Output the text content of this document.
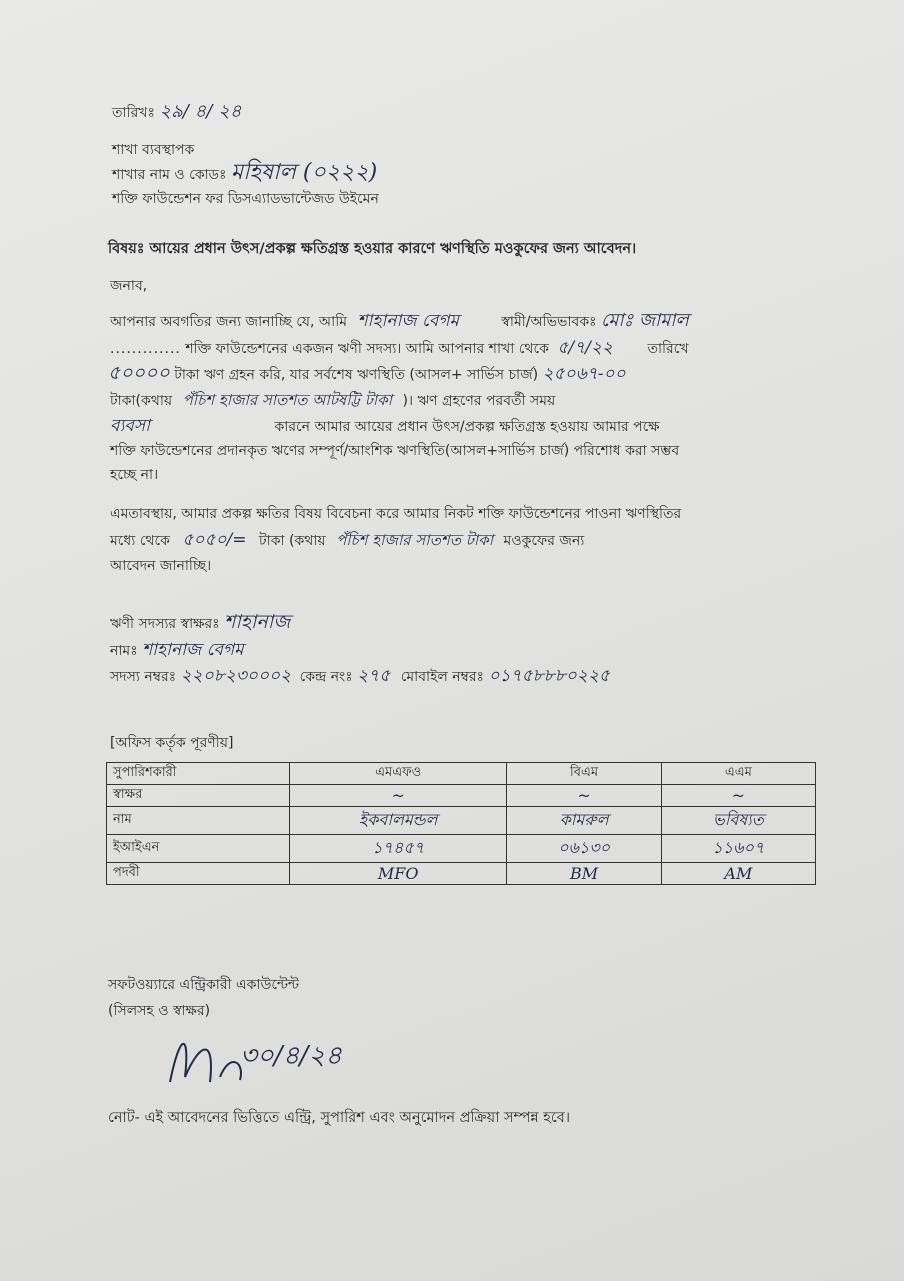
তারিখঃ ২৯/ ৪/ ২৪
শাখা ব্যবস্থাপক
শাখার নাম ও কোডঃ মহিষাল (০২২২)
শক্তি ফাউন্ডেশন ফর ডিসএ্যাডভান্টেজড উইমেন
বিষয়ঃ আয়ের প্রধান উৎস/প্রকল্প ক্ষতিগ্রস্ত হওয়ার কারণে ঋণস্থিতি মওকুফের জন্য আবেদন।
জনাব,
আপনার অবগতির জন্য জানাচ্ছি যে, আমি শাহানাজ বেগম	স্বামী/অভিভাবকঃ মোঃ জামাল
............. শক্তি ফাউন্ডেশনের একজন ঋণী সদস্য। আমি আপনার শাখা থেকে ৫/৭/২২ তারিখে
৫০০০০ টাকা ঋণ গ্রহন করি, যার সর্বশেষ ঋণস্থিতি (আসল+ সার্ভিস চার্জ) ২৫০৬৭-০০
টাকা(কথায় পঁচিশ হাজার সাতশত আটষট্টি টাকা )। ঋণ গ্রহণের পরবর্তী সময়
ব্যবসা	কারনে আমার আয়ের প্রধান উৎস/প্রকল্প ক্ষতিগ্রস্ত হওয়ায় আমার পক্ষে
শক্তি ফাউন্ডেশনের প্রদানকৃত ঋণের সম্পূর্ণ/আংশিক ঋণস্থিতি(আসল+সার্ভিস চার্জ) পরিশোধ করা সম্ভব
হচ্ছে না।
এমতাবস্থায়, আমার প্রকল্প ক্ষতির বিষয় বিবেচনা করে আমার নিকট শক্তি ফাউন্ডেশনের পাওনা ঋণস্থিতির
মধ্যে থেকে ৫০৫০/= টাকা (কথায় পঁচিশ হাজার সাতশত টাকা মওকুফের জন্য
আবেদন জানাচ্ছি।
ঋণী সদস্যর স্বাক্ষরঃ শাহানাজ
নামঃ শাহানাজ বেগম
সদস্য নম্বরঃ ২২০৮২৩০০০২ কেন্দ্র নংঃ ২৭৫ মোবাইল নম্বরঃ ০১৭৫৮৮৮০২২৫
[অফিস কর্তৃক পূরণীয়]
সুপারিশকারী	এমএফও	বিএম	এএম
স্বাক্ষর	~	~	~
নাম	ইকবালমন্ডল	কামরুল	ভবিষ্যত
ইআইএন	১৭৪৫৭	০৬১৩০	১১৬০৭
পদবী	MFO	BM	AM
সফটওয়্যারে এন্ট্রিকারী একাউন্টেন্ট
(সিলসহ ও স্বাক্ষর)
৩০/৪/২৪
নোট- এই আবেদনের ভিত্তিতে এন্ট্রি, সুপারিশ এবং অনুমোদন প্রক্রিয়া সম্পন্ন হবে।
